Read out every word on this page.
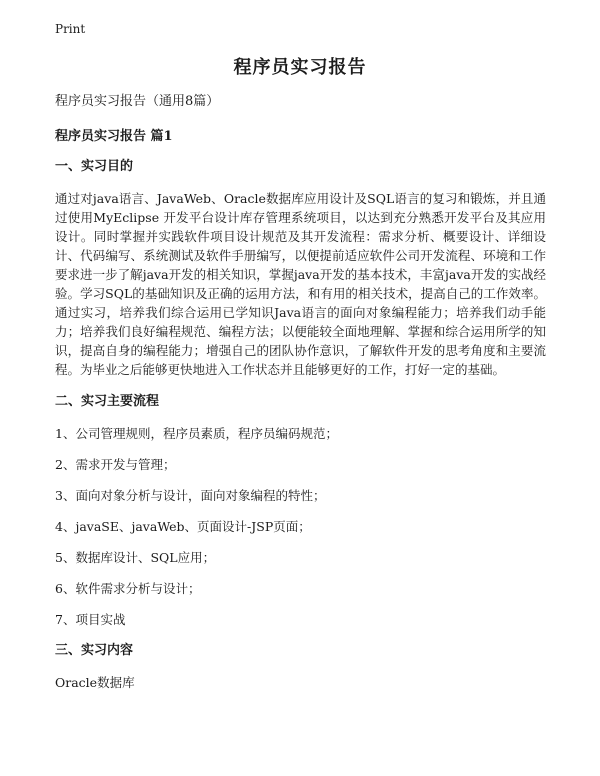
Print
程序员实习报告
程序员实习报告（通用8篇）
程序员实习报告 篇1
一、实习目的
通过对java语言、JavaWeb、Oracle数据库应用设计及SQL语言的复习和锻炼，并且通过使用MyEclipse 开发平台设计库存管理系统项目，以达到充分熟悉开发平台及其应用设计。同时掌握并实践软件项目设计规范及其开发流程：需求分析、概要设计、详细设计、代码编写、系统测试及软件手册编写，以便提前适应软件公司开发流程、环境和工作要求进一步了解java开发的相关知识，掌握java开发的基本技术，丰富java开发的实战经验。学习SQL的基础知识及正确的运用方法，和有用的相关技术，提高自己的工作效率。通过实习，培养我们综合运用已学知识Java语言的面向对象编程能力；培养我们动手能力；培养我们良好编程规范、编程方法；以便能较全面地理解、掌握和综合运用所学的知识，提高自身的编程能力；增强自己的团队协作意识，了解软件开发的思考角度和主要流程。为毕业之后能够更快地进入工作状态并且能够更好的工作，打好一定的基础。
二、实习主要流程
1、公司管理规则，程序员素质，程序员编码规范；
2、需求开发与管理；
3、面向对象分析与设计，面向对象编程的特性；
4、javaSE、javaWeb、页面设计-JSP页面；
5、数据库设计、SQL应用；
6、软件需求分析与设计；
7、项目实战
三、实习内容
Oracle数据库
